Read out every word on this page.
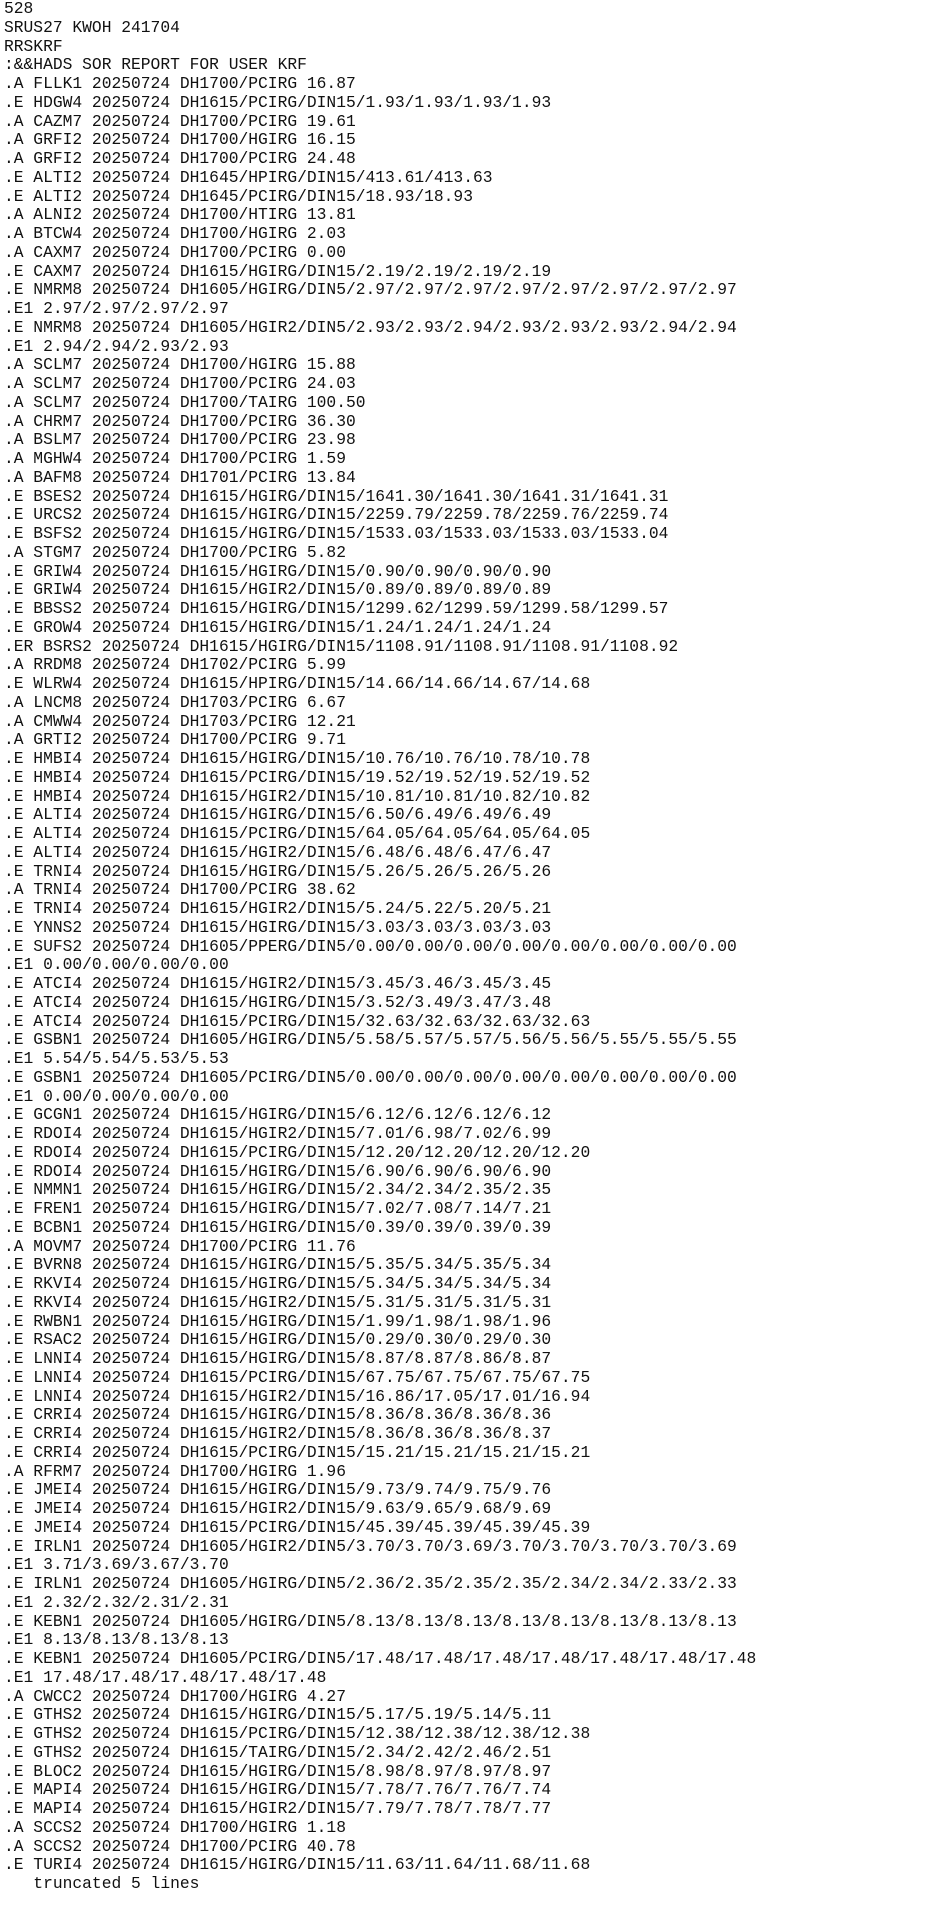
528
SRUS27 KWOH 241704
RRSKRF
:&&HADS SOR REPORT FOR USER KRF
.A FLLK1 20250724 DH1700/PCIRG 16.87
.E HDGW4 20250724 DH1615/PCIRG/DIN15/1.93/1.93/1.93/1.93
.A CAZM7 20250724 DH1700/PCIRG 19.61
.A GRFI2 20250724 DH1700/HGIRG 16.15
.A GRFI2 20250724 DH1700/PCIRG 24.48
.E ALTI2 20250724 DH1645/HPIRG/DIN15/413.61/413.63
.E ALTI2 20250724 DH1645/PCIRG/DIN15/18.93/18.93
.A ALNI2 20250724 DH1700/HTIRG 13.81
.A BTCW4 20250724 DH1700/HGIRG 2.03
.A CAXM7 20250724 DH1700/PCIRG 0.00
.E CAXM7 20250724 DH1615/HGIRG/DIN15/2.19/2.19/2.19/2.19
.E NMRM8 20250724 DH1605/HGIRG/DIN5/2.97/2.97/2.97/2.97/2.97/2.97/2.97/2.97
.E1 2.97/2.97/2.97/2.97
.E NMRM8 20250724 DH1605/HGIR2/DIN5/2.93/2.93/2.94/2.93/2.93/2.93/2.94/2.94
.E1 2.94/2.94/2.93/2.93
.A SCLM7 20250724 DH1700/HGIRG 15.88
.A SCLM7 20250724 DH1700/PCIRG 24.03
.A SCLM7 20250724 DH1700/TAIRG 100.50
.A CHRM7 20250724 DH1700/PCIRG 36.30
.A BSLM7 20250724 DH1700/PCIRG 23.98
.A MGHW4 20250724 DH1700/PCIRG 1.59
.A BAFM8 20250724 DH1701/PCIRG 13.84
.E BSES2 20250724 DH1615/HGIRG/DIN15/1641.30/1641.30/1641.31/1641.31
.E URCS2 20250724 DH1615/HGIRG/DIN15/2259.79/2259.78/2259.76/2259.74
.E BSFS2 20250724 DH1615/HGIRG/DIN15/1533.03/1533.03/1533.03/1533.04
.A STGM7 20250724 DH1700/PCIRG 5.82
.E GRIW4 20250724 DH1615/HGIRG/DIN15/0.90/0.90/0.90/0.90
.E GRIW4 20250724 DH1615/HGIR2/DIN15/0.89/0.89/0.89/0.89
.E BBSS2 20250724 DH1615/HGIRG/DIN15/1299.62/1299.59/1299.58/1299.57
.E GROW4 20250724 DH1615/HGIRG/DIN15/1.24/1.24/1.24/1.24
.ER BSRS2 20250724 DH1615/HGIRG/DIN15/1108.91/1108.91/1108.91/1108.92
.A RRDM8 20250724 DH1702/PCIRG 5.99
.E WLRW4 20250724 DH1615/HPIRG/DIN15/14.66/14.66/14.67/14.68
.A LNCM8 20250724 DH1703/PCIRG 6.67
.A CMWW4 20250724 DH1703/PCIRG 12.21
.A GRTI2 20250724 DH1700/PCIRG 9.71
.E HMBI4 20250724 DH1615/HGIRG/DIN15/10.76/10.76/10.78/10.78
.E HMBI4 20250724 DH1615/PCIRG/DIN15/19.52/19.52/19.52/19.52
.E HMBI4 20250724 DH1615/HGIR2/DIN15/10.81/10.81/10.82/10.82
.E ALTI4 20250724 DH1615/HGIRG/DIN15/6.50/6.49/6.49/6.49
.E ALTI4 20250724 DH1615/PCIRG/DIN15/64.05/64.05/64.05/64.05
.E ALTI4 20250724 DH1615/HGIR2/DIN15/6.48/6.48/6.47/6.47
.E TRNI4 20250724 DH1615/HGIRG/DIN15/5.26/5.26/5.26/5.26
.A TRNI4 20250724 DH1700/PCIRG 38.62
.E TRNI4 20250724 DH1615/HGIR2/DIN15/5.24/5.22/5.20/5.21
.E YNNS2 20250724 DH1615/HGIRG/DIN15/3.03/3.03/3.03/3.03
.E SUFS2 20250724 DH1605/PPERG/DIN5/0.00/0.00/0.00/0.00/0.00/0.00/0.00/0.00
.E1 0.00/0.00/0.00/0.00
.E ATCI4 20250724 DH1615/HGIR2/DIN15/3.45/3.46/3.45/3.45
.E ATCI4 20250724 DH1615/HGIRG/DIN15/3.52/3.49/3.47/3.48
.E ATCI4 20250724 DH1615/PCIRG/DIN15/32.63/32.63/32.63/32.63
.E GSBN1 20250724 DH1605/HGIRG/DIN5/5.58/5.57/5.57/5.56/5.56/5.55/5.55/5.55
.E1 5.54/5.54/5.53/5.53
.E GSBN1 20250724 DH1605/PCIRG/DIN5/0.00/0.00/0.00/0.00/0.00/0.00/0.00/0.00
.E1 0.00/0.00/0.00/0.00
.E GCGN1 20250724 DH1615/HGIRG/DIN15/6.12/6.12/6.12/6.12
.E RDOI4 20250724 DH1615/HGIR2/DIN15/7.01/6.98/7.02/6.99
.E RDOI4 20250724 DH1615/PCIRG/DIN15/12.20/12.20/12.20/12.20
.E RDOI4 20250724 DH1615/HGIRG/DIN15/6.90/6.90/6.90/6.90
.E NMMN1 20250724 DH1615/HGIRG/DIN15/2.34/2.34/2.35/2.35
.E FREN1 20250724 DH1615/HGIRG/DIN15/7.02/7.08/7.14/7.21
.E BCBN1 20250724 DH1615/HGIRG/DIN15/0.39/0.39/0.39/0.39
.A MOVM7 20250724 DH1700/PCIRG 11.76
.E BVRN8 20250724 DH1615/HGIRG/DIN15/5.35/5.34/5.35/5.34
.E RKVI4 20250724 DH1615/HGIRG/DIN15/5.34/5.34/5.34/5.34
.E RKVI4 20250724 DH1615/HGIR2/DIN15/5.31/5.31/5.31/5.31
.E RWBN1 20250724 DH1615/HGIRG/DIN15/1.99/1.98/1.98/1.96
.E RSAC2 20250724 DH1615/HGIRG/DIN15/0.29/0.30/0.29/0.30
.E LNNI4 20250724 DH1615/HGIRG/DIN15/8.87/8.87/8.86/8.87
.E LNNI4 20250724 DH1615/PCIRG/DIN15/67.75/67.75/67.75/67.75
.E LNNI4 20250724 DH1615/HGIR2/DIN15/16.86/17.05/17.01/16.94
.E CRRI4 20250724 DH1615/HGIRG/DIN15/8.36/8.36/8.36/8.36
.E CRRI4 20250724 DH1615/HGIR2/DIN15/8.36/8.36/8.36/8.37
.E CRRI4 20250724 DH1615/PCIRG/DIN15/15.21/15.21/15.21/15.21
.A RFRM7 20250724 DH1700/HGIRG 1.96
.E JMEI4 20250724 DH1615/HGIRG/DIN15/9.73/9.74/9.75/9.76
.E JMEI4 20250724 DH1615/HGIR2/DIN15/9.63/9.65/9.68/9.69
.E JMEI4 20250724 DH1615/PCIRG/DIN15/45.39/45.39/45.39/45.39
.E IRLN1 20250724 DH1605/HGIR2/DIN5/3.70/3.70/3.69/3.70/3.70/3.70/3.70/3.69
.E1 3.71/3.69/3.67/3.70
.E IRLN1 20250724 DH1605/HGIRG/DIN5/2.36/2.35/2.35/2.35/2.34/2.34/2.33/2.33
.E1 2.32/2.32/2.31/2.31
.E KEBN1 20250724 DH1605/HGIRG/DIN5/8.13/8.13/8.13/8.13/8.13/8.13/8.13/8.13
.E1 8.13/8.13/8.13/8.13
.E KEBN1 20250724 DH1605/PCIRG/DIN5/17.48/17.48/17.48/17.48/17.48/17.48/17.48
.E1 17.48/17.48/17.48/17.48/17.48
.A CWCC2 20250724 DH1700/HGIRG 4.27
.E GTHS2 20250724 DH1615/HGIRG/DIN15/5.17/5.19/5.14/5.11
.E GTHS2 20250724 DH1615/PCIRG/DIN15/12.38/12.38/12.38/12.38
.E GTHS2 20250724 DH1615/TAIRG/DIN15/2.34/2.42/2.46/2.51
.E BLOC2 20250724 DH1615/HGIRG/DIN15/8.98/8.97/8.97/8.97
.E MAPI4 20250724 DH1615/HGIRG/DIN15/7.78/7.76/7.76/7.74
.E MAPI4 20250724 DH1615/HGIR2/DIN15/7.79/7.78/7.78/7.77
.A SCCS2 20250724 DH1700/HGIRG 1.18
.A SCCS2 20250724 DH1700/PCIRG 40.78
.E TURI4 20250724 DH1615/HGIRG/DIN15/11.63/11.64/11.68/11.68
truncated 5 lines
